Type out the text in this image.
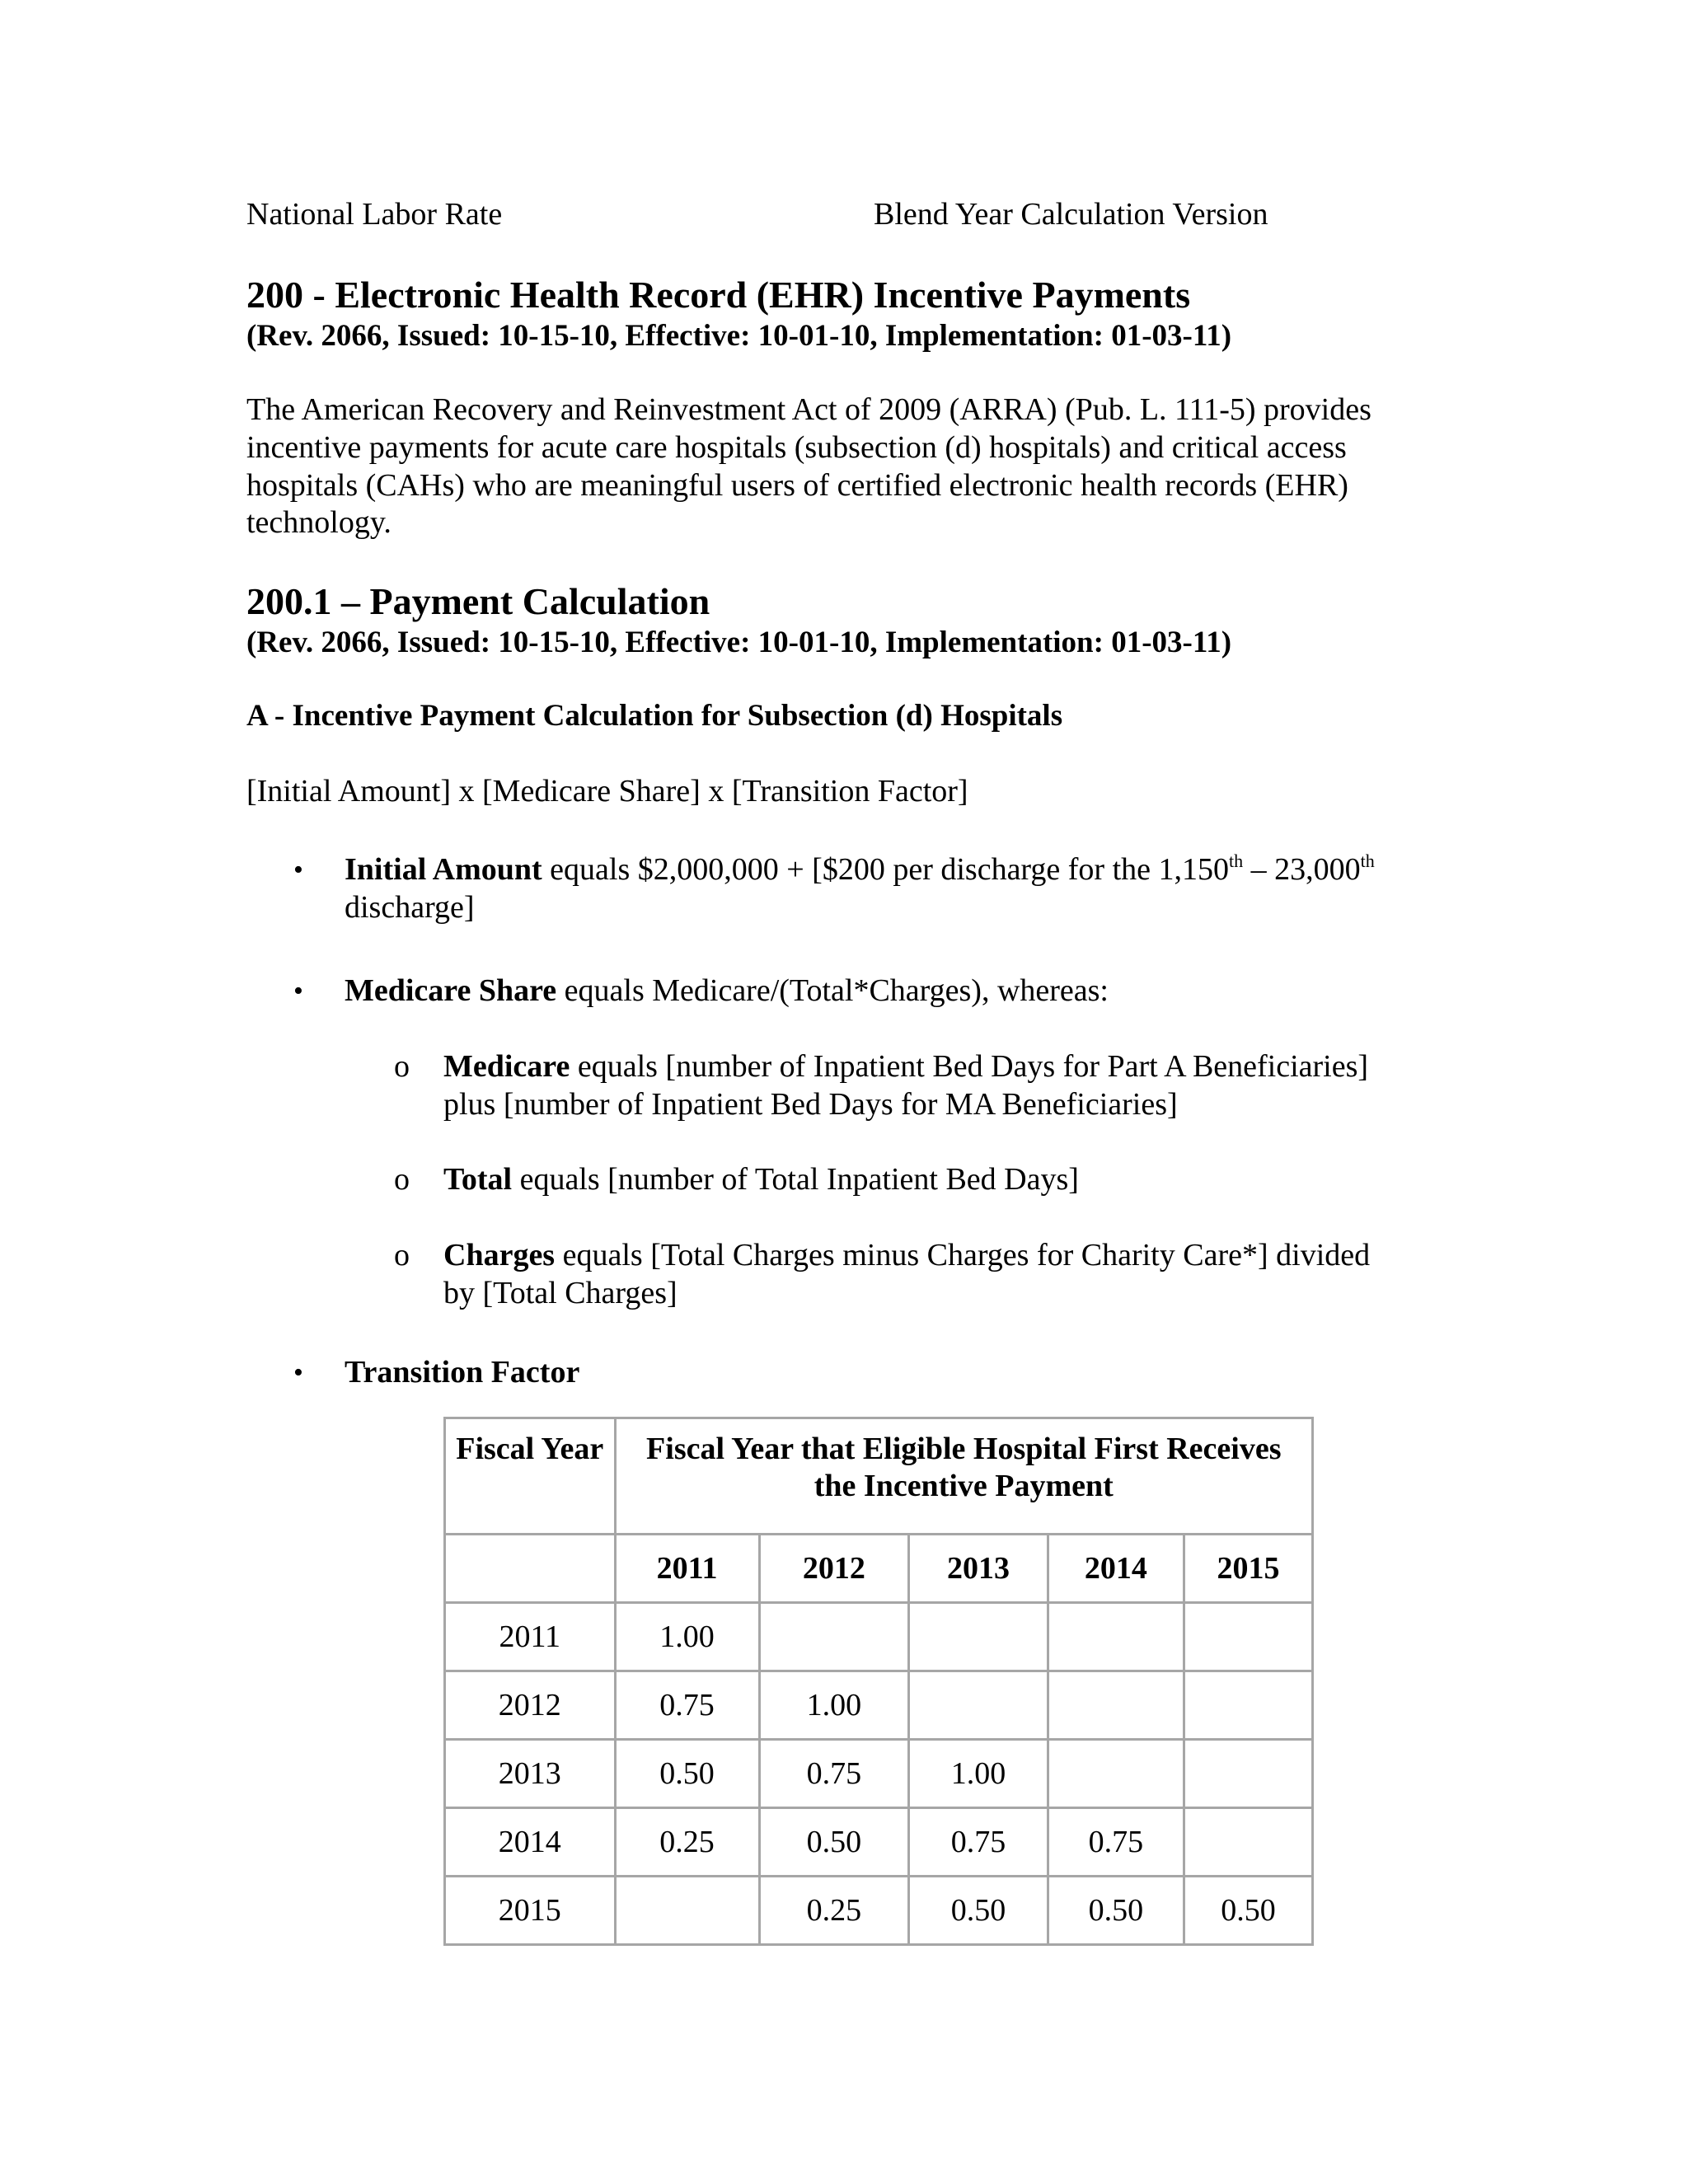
National Labor Rate	Blend Year Calculation Version
200 - Electronic Health Record (EHR) Incentive Payments
(Rev. 2066, Issued: 10-15-10, Effective: 10-01-10, Implementation: 01-03-11)
The American Recovery and Reinvestment Act of 2009 (ARRA) (Pub. L. 111-5) provides
incentive payments for acute care hospitals (subsection (d) hospitals) and critical access
hospitals (CAHs) who are meaningful users of certified electronic health records (EHR)
technology.
200.1 – Payment Calculation
(Rev. 2066, Issued: 10-15-10, Effective: 10-01-10, Implementation: 01-03-11)
A - Incentive Payment Calculation for Subsection (d) Hospitals
[Initial Amount] x [Medicare Share] x [Transition Factor]
• Initial Amount equals $2,000,000 + [$200 per discharge for the 1,150th – 23,000th
discharge]
• Medicare Share equals Medicare/(Total*Charges), whereas:
o Medicare equals [number of Inpatient Bed Days for Part A Beneficiaries]
plus [number of Inpatient Bed Days for MA Beneficiaries]
o Total equals [number of Total Inpatient Bed Days]
o Charges equals [Total Charges minus Charges for Charity Care*] divided
by [Total Charges]
• Transition Factor
Fiscal Year	Fiscal Year that Eligible Hospital First Receives
the Incentive Payment				

	2011	2012	2013	2014	2015
2011	1.00				
2012	0.75	1.00			
2013	0.50	0.75	1.00		
2014	0.25	0.50	0.75	0.75	
2015		0.25	0.50	0.50	0.50
